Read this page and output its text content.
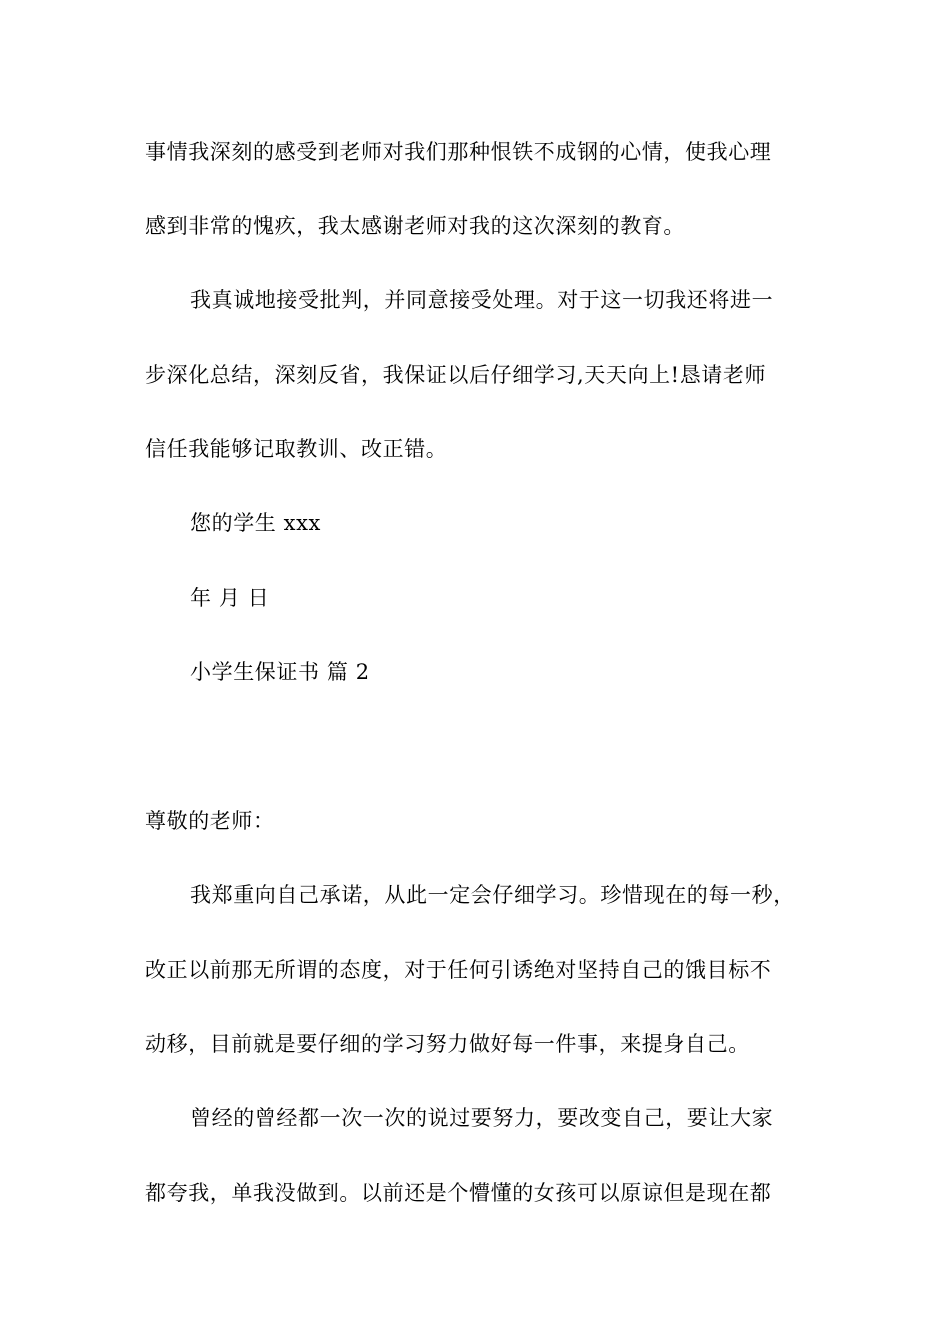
事情我深刻的感受到老师对我们那种恨铁不成钢的心情，使我心理
感到非常的愧疚，我太感谢老师对我的这次深刻的教育。
我真诚地接受批判，并同意接受处理。对于这一切我还将进一
步深化总结，深刻反省，我保证以后仔细学习,天天向上!恳请老师
信任我能够记取教训、改正错。
您的学生 xxx
年 月 日
小学生保证书 篇 2
尊敬的老师：
我郑重向自己承诺，从此一定会仔细学习。珍惜现在的每一秒，
改正以前那无所谓的态度，对于任何引诱绝对坚持自己的饿目标不
动移，目前就是要仔细的学习努力做好每一件事，来提身自己。
曾经的曾经都一次一次的说过要努力，要改变自己，要让大家
都夸我，单我没做到。以前还是个懵懂的女孩可以原谅但是现在都
